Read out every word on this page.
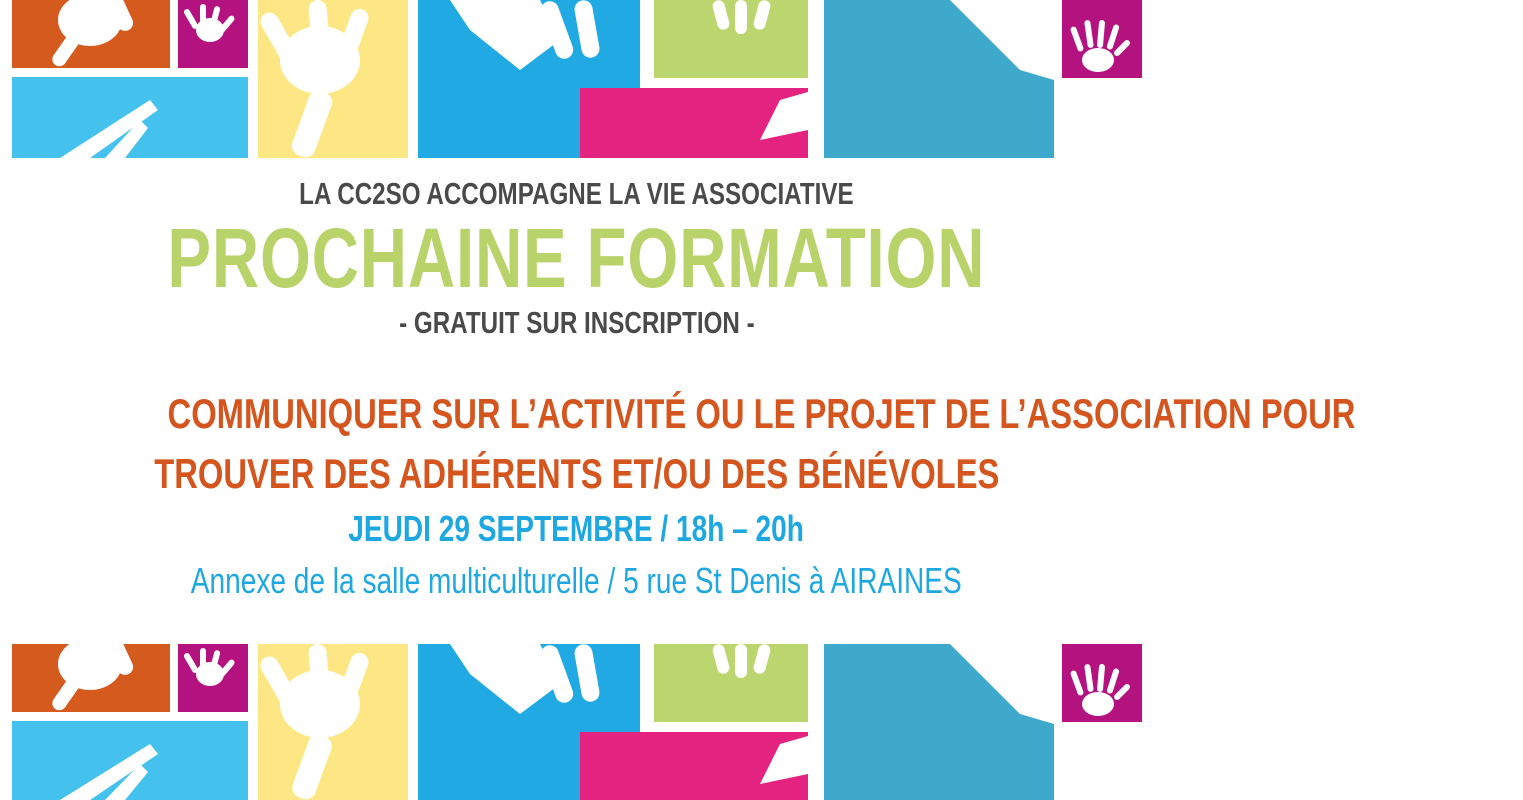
LA CC2SO ACCOMPAGNE LA VIE ASSOCIATIVE
PROCHAINE FORMATION
- GRATUIT SUR INSCRIPTION -
COMMUNIQUER SUR L’ACTIVITÉ OU LE PROJET DE L’ASSOCIATION POUR
TROUVER DES ADHÉRENTS ET/OU DES BÉNÉVOLES
JEUDI 29 SEPTEMBRE / 18h – 20h
Annexe de la salle multiculturelle / 5 rue St Denis à AIRAINES
